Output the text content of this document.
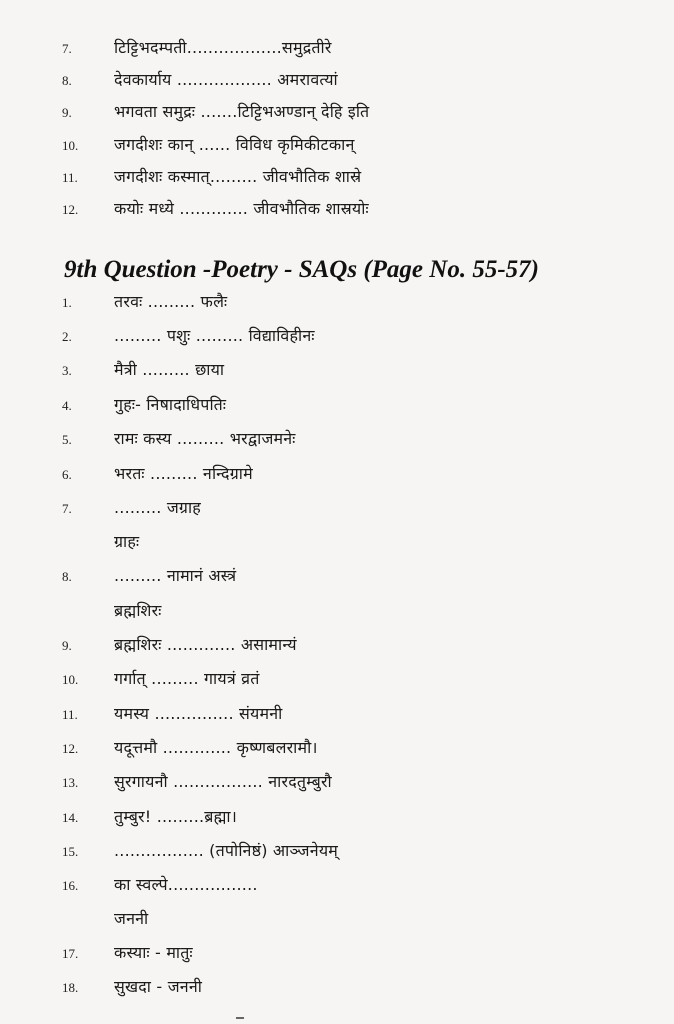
7.	टिट्टिभदम्पती..................समुद्रतीरे
8.	देवकार्याय .................. अमरावत्यां
9.	भगवता समुद्रः .......टिट्टिभअण्डान् देहि इति
10.	जगदीशः कान् ...... विविध कृमिकीटकान्
11.	जगदीशः कस्मात्......... जीवभौतिक शास्रे
12.	कयोः मध्ये ............. जीवभौतिक शास्रयोः
9th Question -Poetry - SAQs (Page No. 55-57)
1.	तरवः ......... फलैः
2.	......... पशुः ......... विद्याविहीनः
3.	मैत्री ......... छाया
4.	गुहः- निषादाधिपतिः
5.	रामः कस्य ......... भरद्वाजमनेः
6.	भरतः ......... नन्दिग्रामे
7.	......... जग्राह
ग्राहः
8.	......... नामानं अस्त्रं
ब्रह्मशिरः
9.	ब्रह्मशिरः ............. असामान्यं
10.	गर्गात् ......... गायत्रं व्रतं
11.	यमस्य ............... संयमनी
12.	यदूत्तमौ ............. कृष्णबलरामौ।
13.	सुरगायनौ ................. नारदतुम्बुरौ
14.	तुम्बुर! .........ब्रह्मा।
15.	................. (तपोनिष्ठं) आञ्जनेयम्
16.	का स्वल्पे.................
जननी
17.	कस्याः - मातुः
18.	सुखदा - जननी
